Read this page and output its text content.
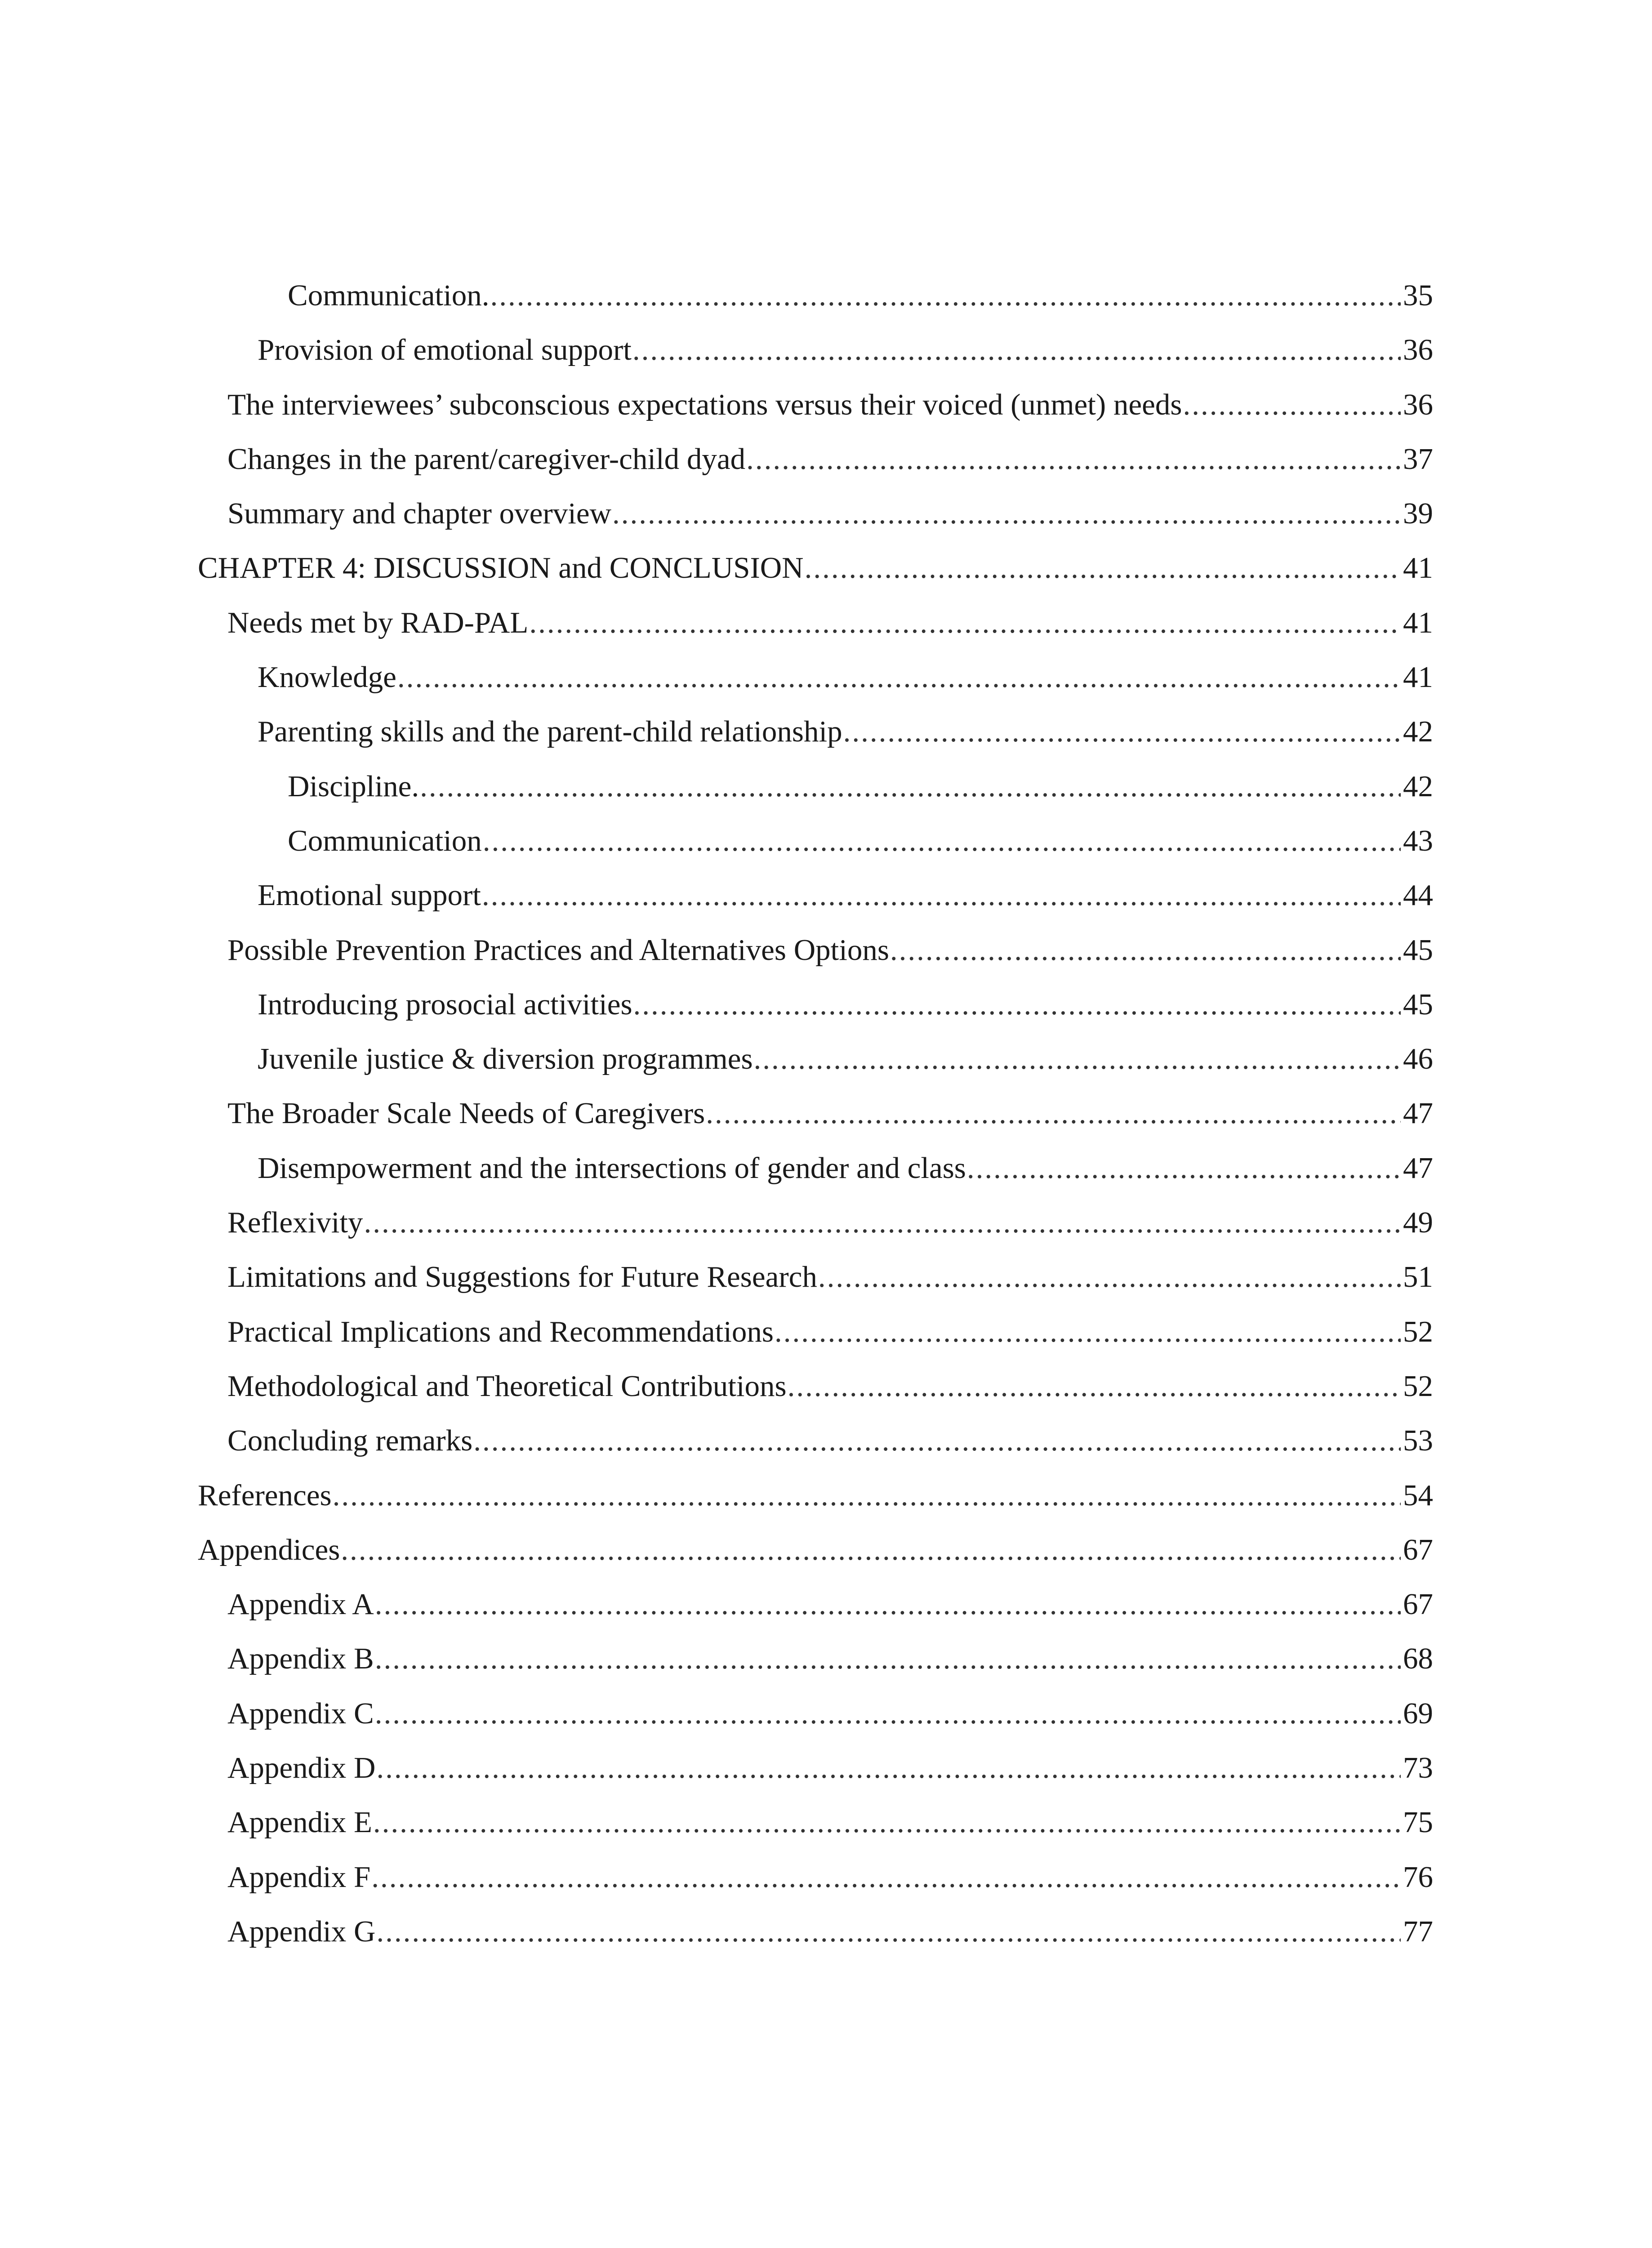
Communication. .....	35
Provision of emotional support .....	36
The interviewees’ subconscious expectations versus their voiced (unmet) needs .....	36
Changes in the parent/caregiver-child dyad .....	37
Summary and chapter overview .....	39
CHAPTER 4: DISCUSSION and CONCLUSION .....	41
Needs met by RAD-PAL .....	41
Knowledge .....	41
Parenting skills and the parent-child relationship .....	42
Discipline. .....	42
Communication .....	43
Emotional support .....	44
Possible Prevention Practices and Alternatives Options .....	45
Introducing prosocial activities .....	45
Juvenile justice & diversion programmes .....	46
The Broader Scale Needs of Caregivers .....	47
Disempowerment and the intersections of gender and class .....	47
Reflexivity .....	49
Limitations and Suggestions for Future Research .....	51
Practical Implications and Recommendations .....	52
Methodological and Theoretical Contributions .....	52
Concluding remarks .....	53
References .....	54
Appendices .....	67
Appendix A .....	67
Appendix B .....	68
Appendix C .....	69
Appendix D .....	73
Appendix E .....	75
Appendix F .....	76
Appendix G .....	77
